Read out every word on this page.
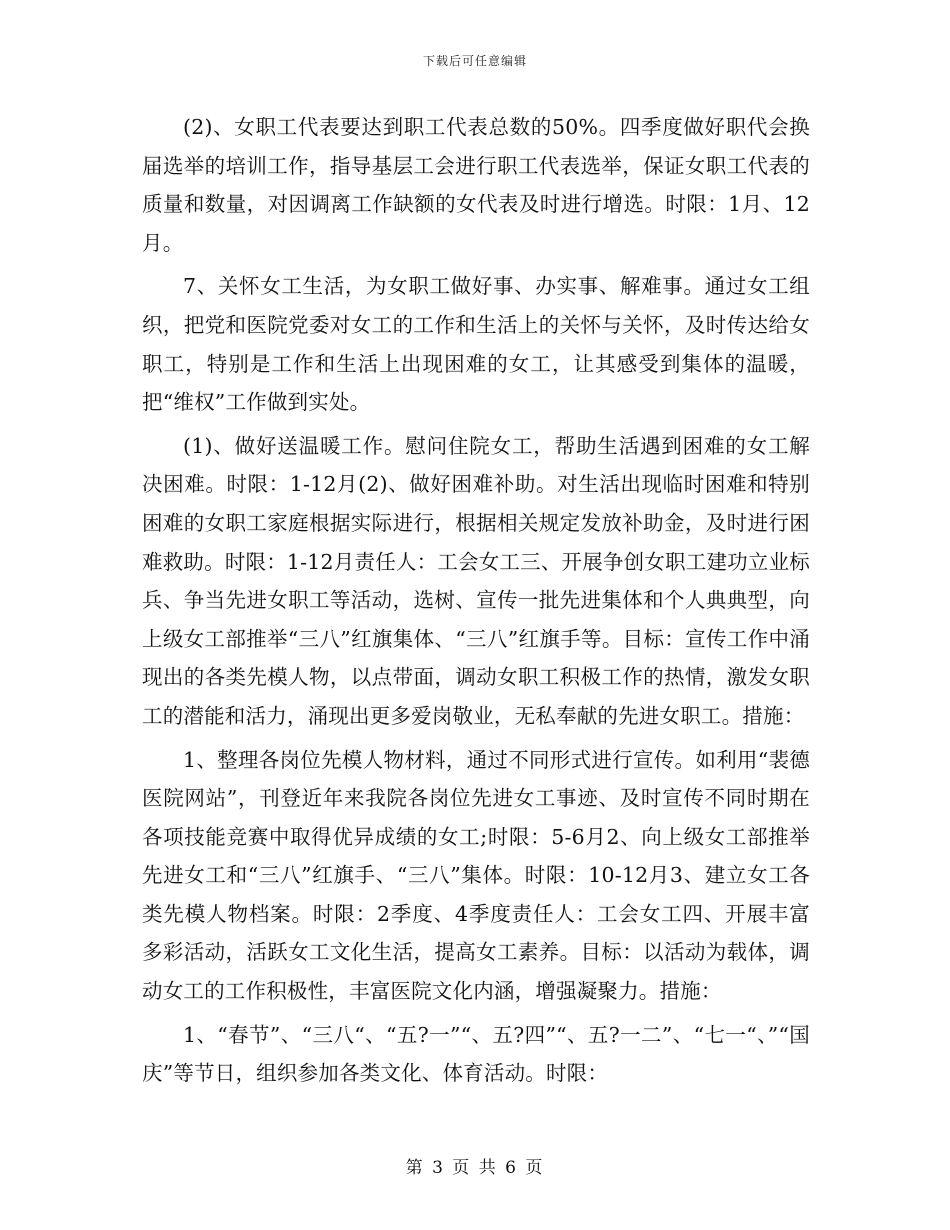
下载后可任意编辑

(2)、女职工代表要达到职工代表总数的50%。四季度做好职代会换届选举的培训工作，指导基层工会进行职工代表选举，保证女职工代表的质量和数量，对因调离工作缺额的女代表及时进行增选。时限：1月、12月。

7、关怀女工生活，为女职工做好事、办实事、解难事。通过女工组织，把党和医院党委对女工的工作和生活上的关怀与关怀，及时传达给女职工，特别是工作和生活上出现困难的女工，让其感受到集体的温暖，把“维权”工作做到实处。

(1)、做好送温暖工作。慰问住院女工，帮助生活遇到困难的女工解决困难。时限：1-12月(2)、做好困难补助。对生活出现临时困难和特别困难的女职工家庭根据实际进行，根据相关规定发放补助金，及时进行困难救助。时限：1-12月责任人：工会女工三、开展争创女职工建功立业标兵、争当先进女职工等活动，选树、宣传一批先进集体和个人典典型，向上级女工部推举“三八”红旗集体、“三八”红旗手等。目标：宣传工作中涌现出的各类先模人物，以点带面，调动女职工积极工作的热情，激发女职工的潜能和活力，涌现出更多爱岗敬业，无私奉献的先进女职工。措施：

1、整理各岗位先模人物材料，通过不同形式进行宣传。如利用“裴德医院网站”，刊登近年来我院各岗位先进女工事迹、及时宣传不同时期在各项技能竞赛中取得优异成绩的女工;时限：5-6月2、向上级女工部推举先进女工和“三八”红旗手、“三八”集体。时限：10-12月3、建立女工各类先模人物档案。时限：2季度、4季度责任人：工会女工四、开展丰富多彩活动，活跃女工文化生活，提高女工素养。目标：以活动为载体，调动女工的工作积极性，丰富医院文化内涵，增强凝聚力。措施：

1、“春节”、“三八“、“五?一”“、五?四”“、五?一二”、“七一“、”“国庆”等节日，组织参加各类文化、体育活动。时限：

第 3 页 共 6 页
